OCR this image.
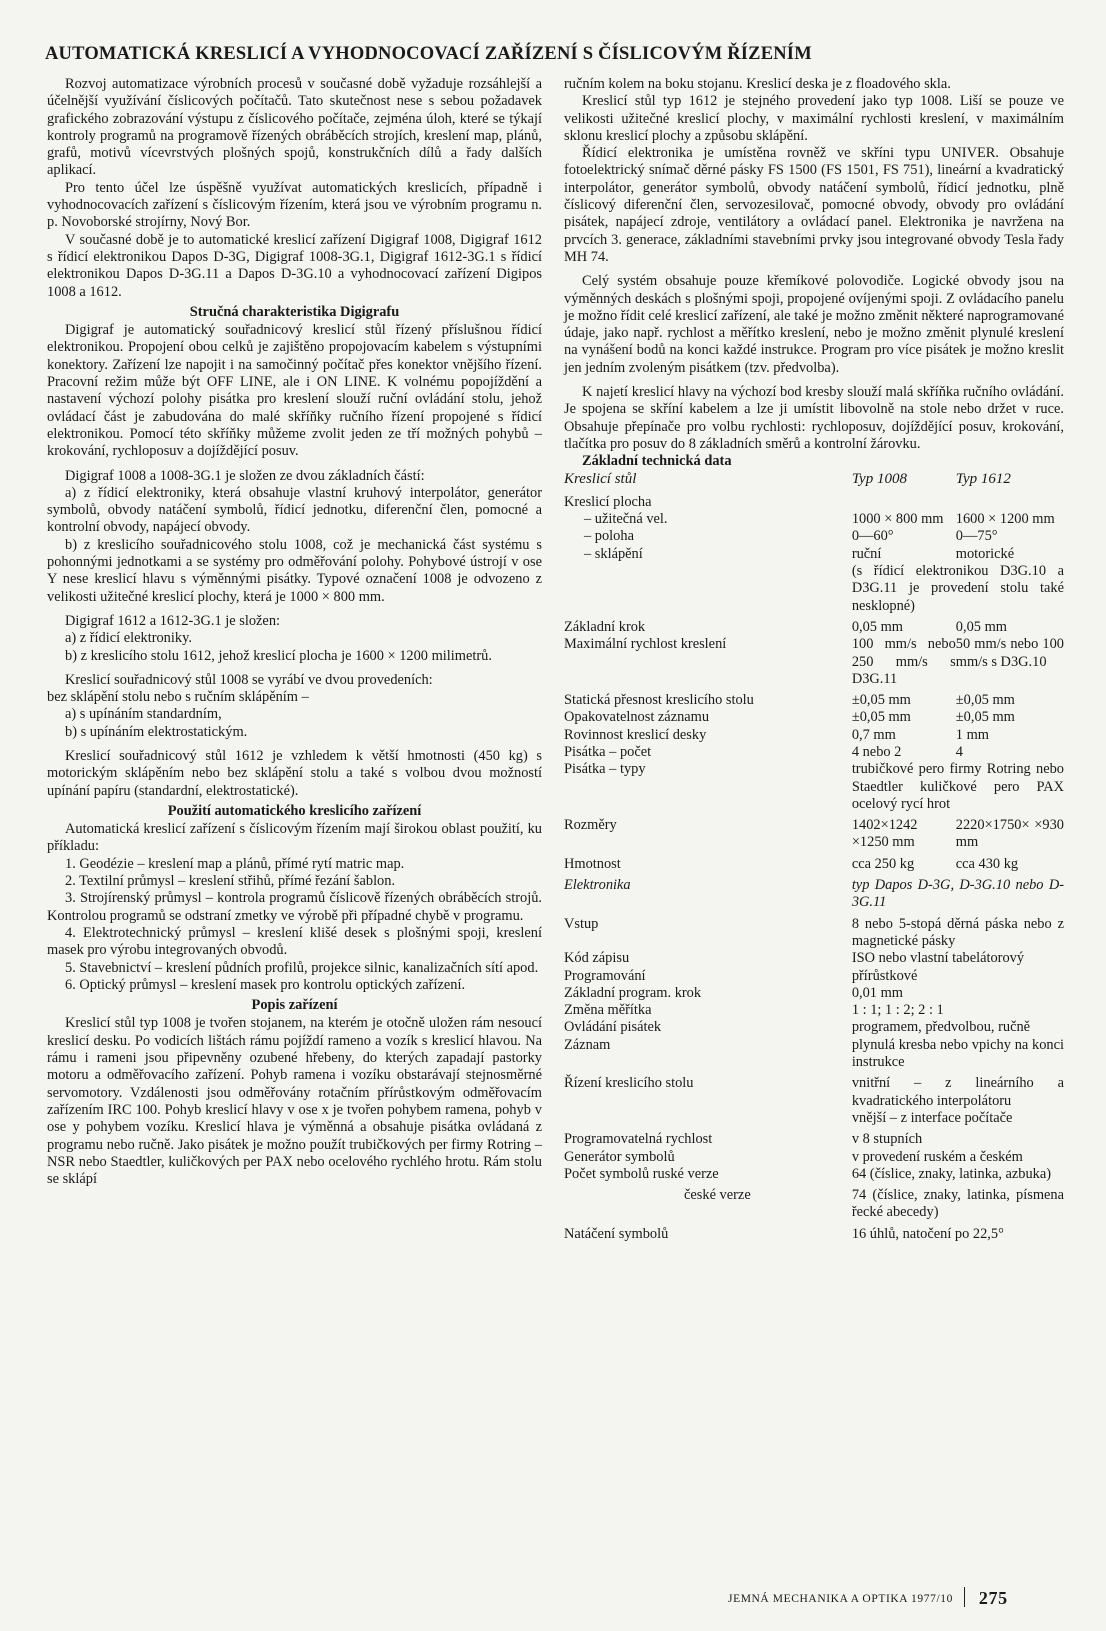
AUTOMATICKÁ KRESLICÍ A VYHODNOCOVACÍ ZAŘÍZENÍ S ČÍSLICOVÝM ŘÍZENÍM

Rozvoj automatizace výrobních procesů v současné době vyžaduje rozsáhlejší a účelnější využívání číslicových počítačů. Tato skutečnost nese s sebou požadavek grafického zobrazování výstupu z číslicového počítače, zejména úloh, které se týkají kontroly programů na programově řízených obráběcích strojích, kreslení map, plánů, grafů, motivů vícevrstvých plošných spojů, konstrukčních dílů a řady dalších aplikací.

Pro tento účel lze úspěšně využívat automatických kreslicích, případně i vyhodnocovacích zařízení s číslicovým řízením, která jsou ve výrobním programu n. p. Novoborské strojírny, Nový Bor.

V současné době je to automatické kreslicí zařízení Digigraf 1008, Digigraf 1612 s řídicí elektronikou Dapos D-3G, Digigraf 1008-3G.1, Digigraf 1612-3G.1 s řídicí elektronikou Dapos D-3G.11 a Dapos D-3G.10 a vyhodnocovací zařízení Digipos 1008 a 1612.

Stručná charakteristika Digigrafu

Digigraf je automatický souřadnicový kreslicí stůl řízený příslušnou řídicí elektronikou. Propojení obou celků je zajištěno propojovacím kabelem s výstupními konektory. Zařízení lze napojit i na samočinný počítač přes konektor vnějšího řízení. Pracovní režim může být OFF LINE, ale i ON LINE. K volnému popojíždění a nastavení výchozí polohy pisátka pro kreslení slouží ruční ovládání stolu, jehož ovládací část je zabudována do malé skříňky ručního řízení propojené s řídicí elektronikou. Pomocí této skříňky můžeme zvolit jeden ze tří možných pohybů – krokování, rychloposuv a dojíždějící posuv.

Digigraf 1008 a 1008-3G.1 je složen ze dvou základních částí:

a) z řídicí elektroniky, která obsahuje vlastní kruhový interpolátor, generátor symbolů, obvody natáčení symbolů, řídicí jednotku, diferenční člen, pomocné a kontrolní obvody, napájecí obvody.

b) z kreslicího souřadnicového stolu 1008, což je mechanická část systému s pohonnými jednotkami a se systémy pro odměřování polohy. Pohybové ústrojí v ose Y nese kreslicí hlavu s výměnnými pisátky. Typové označení 1008 je odvozeno z velikosti užitečné kreslicí plochy, která je 1000 × 800 mm.

Digigraf 1612 a 1612-3G.1 je složen:

a) z řídicí elektroniky.

b) z kreslicího stolu 1612, jehož kreslicí plocha je 1600 × 1200 milimetrů.

Kreslicí souřadnicový stůl 1008 se vyrábí ve dvou provedeních:

bez sklápění stolu nebo s ručním sklápěním –

a) s upínáním standardním,

b) s upínáním elektrostatickým.

Kreslicí souřadnicový stůl 1612 je vzhledem k větší hmotnosti (450 kg) s motorickým sklápěním nebo bez sklápění stolu a také s volbou dvou možností upínání papíru (standardní, elektrostatické).

Použití automatického kreslicího zařízení

Automatická kreslicí zařízení s číslicovým řízením mají širokou oblast použití, ku příkladu:

1. Geodézie – kreslení map a plánů, přímé rytí matric map.

2. Textilní průmysl – kreslení střihů, přímé řezání šablon.

3. Strojírenský průmysl – kontrola programů číslicově řízených obráběcích strojů. Kontrolou programů se odstraní zmetky ve výrobě při případné chybě v programu.

4. Elektrotechnický průmysl – kreslení klišé desek s plošnými spoji, kreslení masek pro výrobu integrovaných obvodů.

5. Stavebnictví – kreslení půdních profilů, projekce silnic, kanalizačních sítí apod.

6. Optický průmysl – kreslení masek pro kontrolu optických zařízení.

Popis zařízení

Kreslicí stůl typ 1008 je tvořen stojanem, na kterém je otočně uložen rám nesoucí kreslicí desku. Po vodicích lištách rámu pojíždí rameno a vozík s kreslicí hlavou. Na rámu i rameni jsou připevněny ozubené hřebeny, do kterých zapadají pastorky motoru a odměřovacího zařízení. Pohyb ramena i vozíku obstarávají stejnosměrné servomotory. Vzdálenosti jsou odměřovány rotačním přírůstkovým odměřovacím zařízením IRC 100. Pohyb kreslicí hlavy v ose x je tvořen pohybem ramena, pohyb v ose y pohybem vozíku. Kreslicí hlava je výměnná a obsahuje pisátka ovládaná z programu nebo ručně. Jako pisátek je možno použít trubičkových per firmy Rotring – NSR nebo Staedtler, kuličkových per PAX nebo ocelového rychlého hrotu. Rám stolu se sklápí

ručním kolem na boku stojanu. Kreslicí deska je z floadového skla.

Kreslicí stůl typ 1612 je stejného provedení jako typ 1008. Liší se pouze ve velikosti užitečné kreslicí plochy, v maximální rychlosti kreslení, v maximálním sklonu kreslicí plochy a způsobu sklápění.

Řídicí elektronika je umístěna rovněž ve skříni typu UNIVER. Obsahuje fotoelektrický snímač děrné pásky FS 1500 (FS 1501, FS 751), lineární a kvadratický interpolátor, generátor symbolů, obvody natáčení symbolů, řídicí jednotku, plně číslicový diferenční člen, servozesilovač, pomocné obvody, obvody pro ovládání pisátek, napájecí zdroje, ventilátory a ovládací panel. Elektronika je navržena na prvcích 3. generace, základními stavebními prvky jsou integrované obvody Tesla řady MH 74.

Celý systém obsahuje pouze křemíkové polovodiče. Logické obvody jsou na výměnných deskách s plošnými spoji, propojené ovíjenými spoji. Z ovládacího panelu je možno řídit celé kreslicí zařízení, ale také je možno změnit některé naprogramované údaje, jako např. rychlost a měřítko kreslení, nebo je možno změnit plynulé kreslení na vynášení bodů na konci každé instrukce. Program pro více pisátek je možno kreslit jen jedním zvoleným pisátkem (tzv. předvolba).

K najetí kreslicí hlavy na výchozí bod kresby slouží malá skříňka ručního ovládání. Je spojena se skříní kabelem a lze ji umístit libovolně na stole nebo držet v ruce. Obsahuje přepínače pro volbu rychlosti: rychloposuv, dojíždějící posuv, krokování, tlačítka pro posuv do 8 základních směrů a kontrolní žárovku.

Základní technická data

Kreslicí stůl	Typ 1008	Typ 1612
Kreslicí plocha		
– užitečná vel.	1000 × 800 mm	1600 × 1200 mm
– poloha	0—60°	0—75°
– sklápění	ruční	motorické
	(s řídicí elektronikou D3G.10 a D3G.11 je provedení stolu také nesklopné)	
Základní krok	0,05 mm	0,05 mm
Maximální rychlost kreslení	100 mm/s nebo 250 mm/s s D3G.11	50 mm/s nebo 100 mm/s s D3G.10
Statická přesnost kreslicího stolu	±0,05 mm	±0,05 mm
Opakovatelnost záznamu	±0,05 mm	±0,05 mm
Rovinnost kreslicí desky	0,7 mm	1 mm
Pisátka – počet	4 nebo 2	4
Pisátka – typy	trubičkové pero firmy Rotring nebo Staedtler kuličkové pero PAX ocelový rycí hrot	
Rozměry	1402×1242 ×1250 mm	2220×1750× ×930 mm
Hmotnost	cca 250 kg	cca 430 kg
Elektronika	typ Dapos D-3G, D-3G.10 nebo D-3G.11	
Vstup	8 nebo 5-stopá děrná páska nebo z magnetické pásky	
Kód zápisu	ISO nebo vlastní tabelátorový	
Programování	přírůstkové	
Základní program. krok	0,01 mm	
Změna měřítka	1 : 1; 1 : 2; 2 : 1	
Ovládání pisátek	programem, předvolbou, ručně	
Záznam	plynulá kresba nebo vpichy na konci instrukce	
Řízení kreslicího stolu	vnitřní – z lineárního a kvadratického interpolátoru	
	vnější – z interface počítače	
Programovatelná rychlost	v 8 stupních	
Generátor symbolů	v provedení ruském a českém	
Počet symbolů ruské verze	64 (číslice, znaky, latinka, azbuka)	
české verze	74 (číslice, znaky, latinka, písmena řecké abecedy)	
Natáčení symbolů	16 úhlů, natočení po 22,5°	
JEMNÁ MECHANIKA A OPTIKA 1977/10 275
